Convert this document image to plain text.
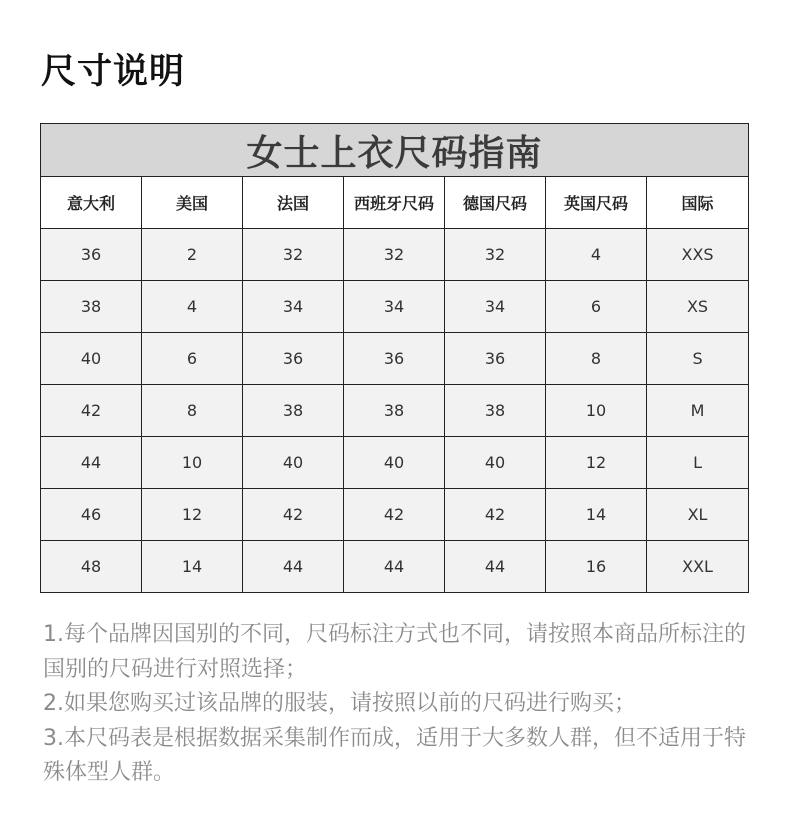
尺寸说明
女士上衣尺码指南						
意大利	美国	法国	西班牙尺码	德国尺码	英国尺码	国际
36	2	32	32	32	4	XXS
38	4	34	34	34	6	XS
40	6	36	36	36	8	S
42	8	38	38	38	10	M
44	10	40	40	40	12	L
46	12	42	42	42	14	XL
48	14	44	44	44	16	XXL

1.每个品牌因国别的不同，尺码标注方式也不同，请按照本商品所标注的国别的尺码进行对照选择；

2.如果您购买过该品牌的服装，请按照以前的尺码进行购买；

3.本尺码表是根据数据采集制作而成，适用于大多数人群，但不适用于特殊体型人群。
